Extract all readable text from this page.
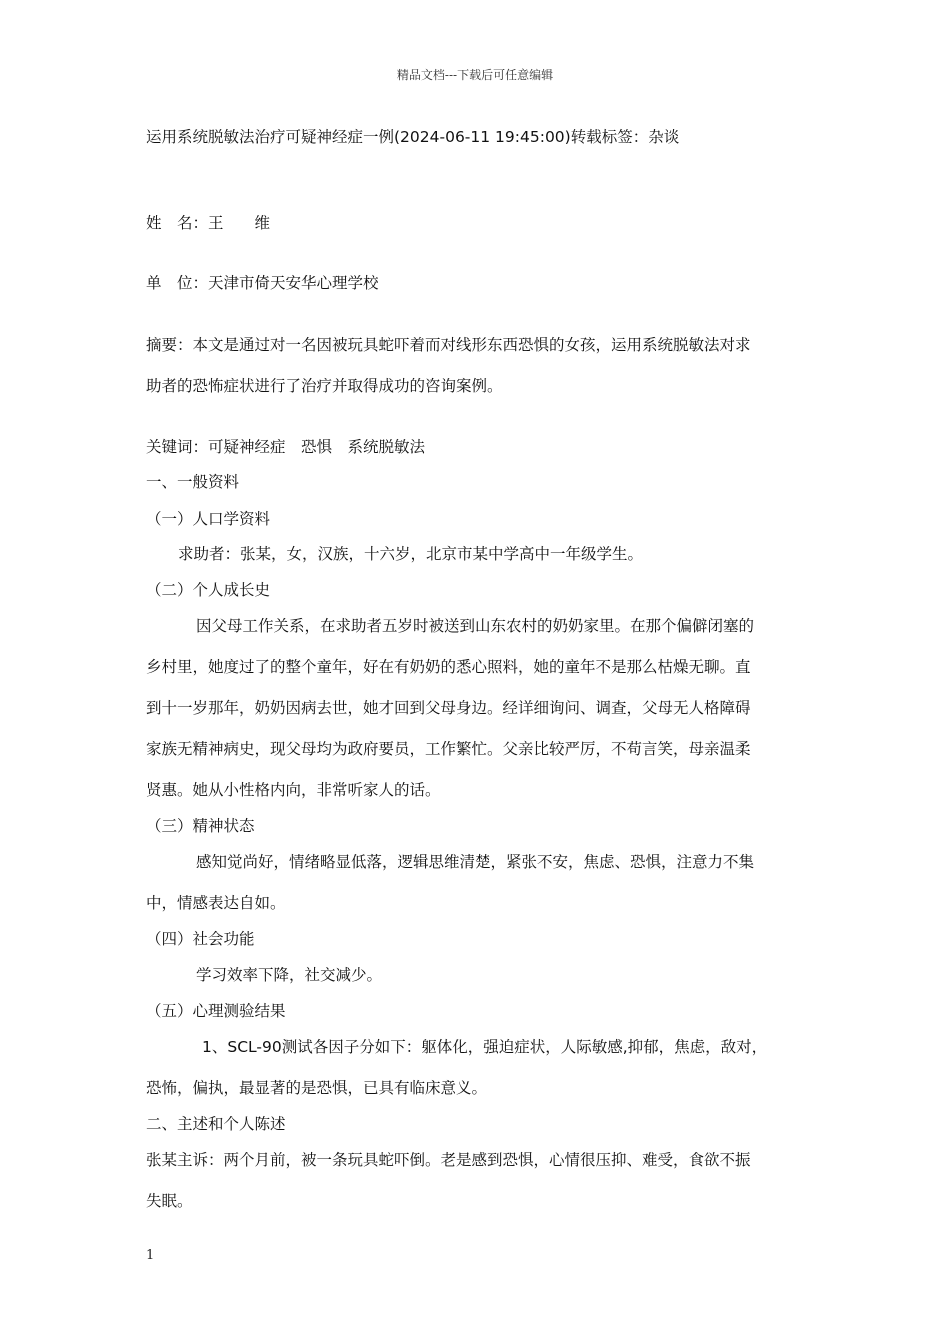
精品文档---下载后可任意编辑
运用系统脱敏法治疗可疑神经症一例(2024-06-11 19:45:00)转载标签：杂谈
姓　名：王　　维
单　位：天津市倚天安华心理学校
摘要：本文是通过对一名因被玩具蛇吓着而对线形东西恐惧的女孩，运用系统脱敏法对求
助者的恐怖症状进行了治疗并取得成功的咨询案例。
关键词：可疑神经症　恐惧　系统脱敏法
一、一般资料
（一）人口学资料
求助者：张某，女，汉族，十六岁，北京市某中学高中一年级学生。
（二）个人成长史
因父母工作关系，在求助者五岁时被送到山东农村的奶奶家里。在那个偏僻闭塞的
乡村里，她度过了的整个童年，好在有奶奶的悉心照料，她的童年不是那么枯燥无聊。直
到十一岁那年，奶奶因病去世，她才回到父母身边。经详细询问、调查，父母无人格障碍
家族无精神病史，现父母均为政府要员，工作繁忙。父亲比较严厉，不苟言笑，母亲温柔
贤惠。她从小性格内向，非常听家人的话。
（三）精神状态
感知觉尚好，情绪略显低落，逻辑思维清楚，紧张不安，焦虑、恐惧，注意力不集
中，情感表达自如。
（四）社会功能
学习效率下降，社交减少。
（五）心理测验结果
1、SCL-90测试各因子分如下：躯体化，强迫症状，人际敏感,抑郁，焦虑，敌对，
恐怖，偏执，最显著的是恐惧，已具有临床意义。
二、主述和个人陈述
张某主诉：两个月前，被一条玩具蛇吓倒。老是感到恐惧，心情很压抑、难受，食欲不振
失眠。
1
